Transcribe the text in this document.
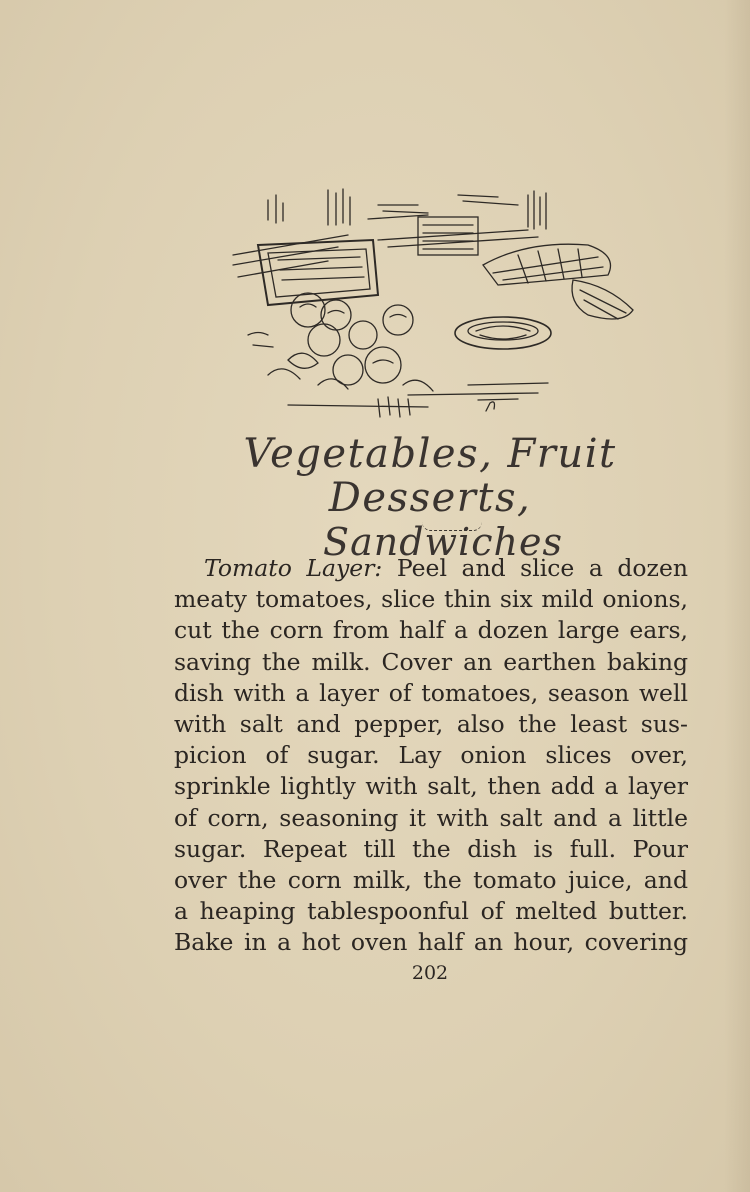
Vegetables, Fruit Desserts,
Sandwiches
Tomato Layer: Peel and slice a dozen
meaty tomatoes, slice thin six mild onions,
cut the corn from half a dozen large ears,
saving the milk. Cover an earthen baking
dish with a layer of tomatoes, season well
with salt and pepper, also the least sus-
picion of sugar. Lay onion slices over,
sprinkle lightly with salt, then add a layer
of corn, seasoning it with salt and a little
sugar. Repeat till the dish is full. Pour
over the corn milk, the tomato juice, and
a heaping tablespoonful of melted butter.
Bake in a hot oven half an hour, covering
202
